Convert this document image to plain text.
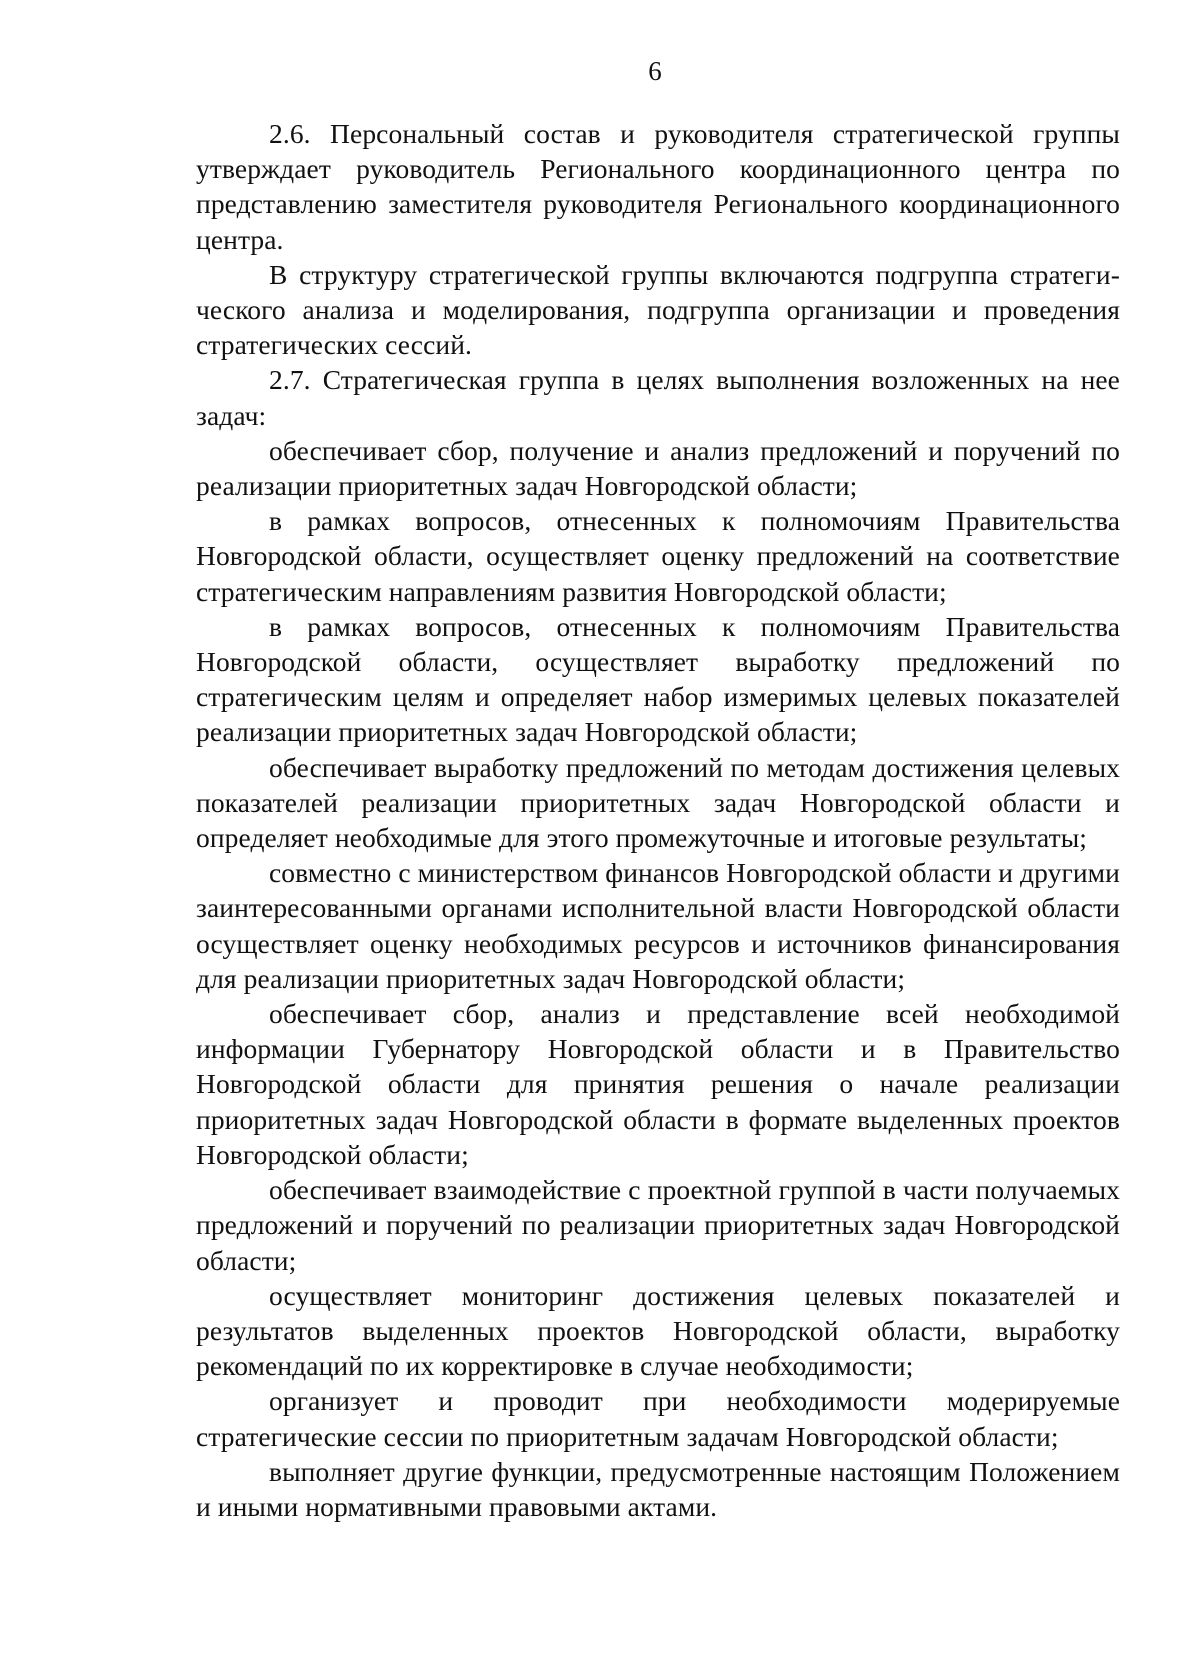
6

2.6. Персональный состав и руководителя стратегической группы утверждает руководитель Регионального координационного центра по представлению заместителя руководителя Регионального координационного центра.

В структуру стратегической группы включаются подгруппа стратеги-ческого анализа и моделирования, подгруппа организации и проведения стратегических сессий.

2.7. Стратегическая группа в целях выполнения возложенных на нее задач:

обеспечивает сбор, получение и анализ предложений и поручений по реализации приоритетных задач Новгородской области;

в рамках вопросов, отнесенных к полномочиям Правительства Новгородской области, осуществляет оценку предложений на соответствие стратегическим направлениям развития Новгородской области;

в рамках вопросов, отнесенных к полномочиям Правительства Новгородской области, осуществляет выработку предложений по стратегическим целям и определяет набор измеримых целевых показателей реализации приоритетных задач Новгородской области;

обеспечивает выработку предложений по методам достижения целевых показателей реализации приоритетных задач Новгородской области и определяет необходимые для этого промежуточные и итоговые результаты;

совместно с министерством финансов Новгородской области и другими заинтересованными органами исполнительной власти Новгородской области осуществляет оценку необходимых ресурсов и источников финансирования для реализации приоритетных задач Новгородской области;

обеспечивает сбор, анализ и представление всей необходимой информации Губернатору Новгородской области и в Правительство Новгородской области для принятия решения о начале реализации приоритетных задач Новгородской области в формате выделенных проектов Новгородской области;

обеспечивает взаимодействие с проектной группой в части получаемых предложений и поручений по реализации приоритетных задач Новгородской области;

осуществляет мониторинг достижения целевых показателей и результатов выделенных проектов Новгородской области, выработку рекомендаций по их корректировке в случае необходимости;

организует и проводит при необходимости модерируемые стратегические сессии по приоритетным задачам Новгородской области;

выполняет другие функции, предусмотренные настоящим Положением и иными нормативными правовыми актами.
